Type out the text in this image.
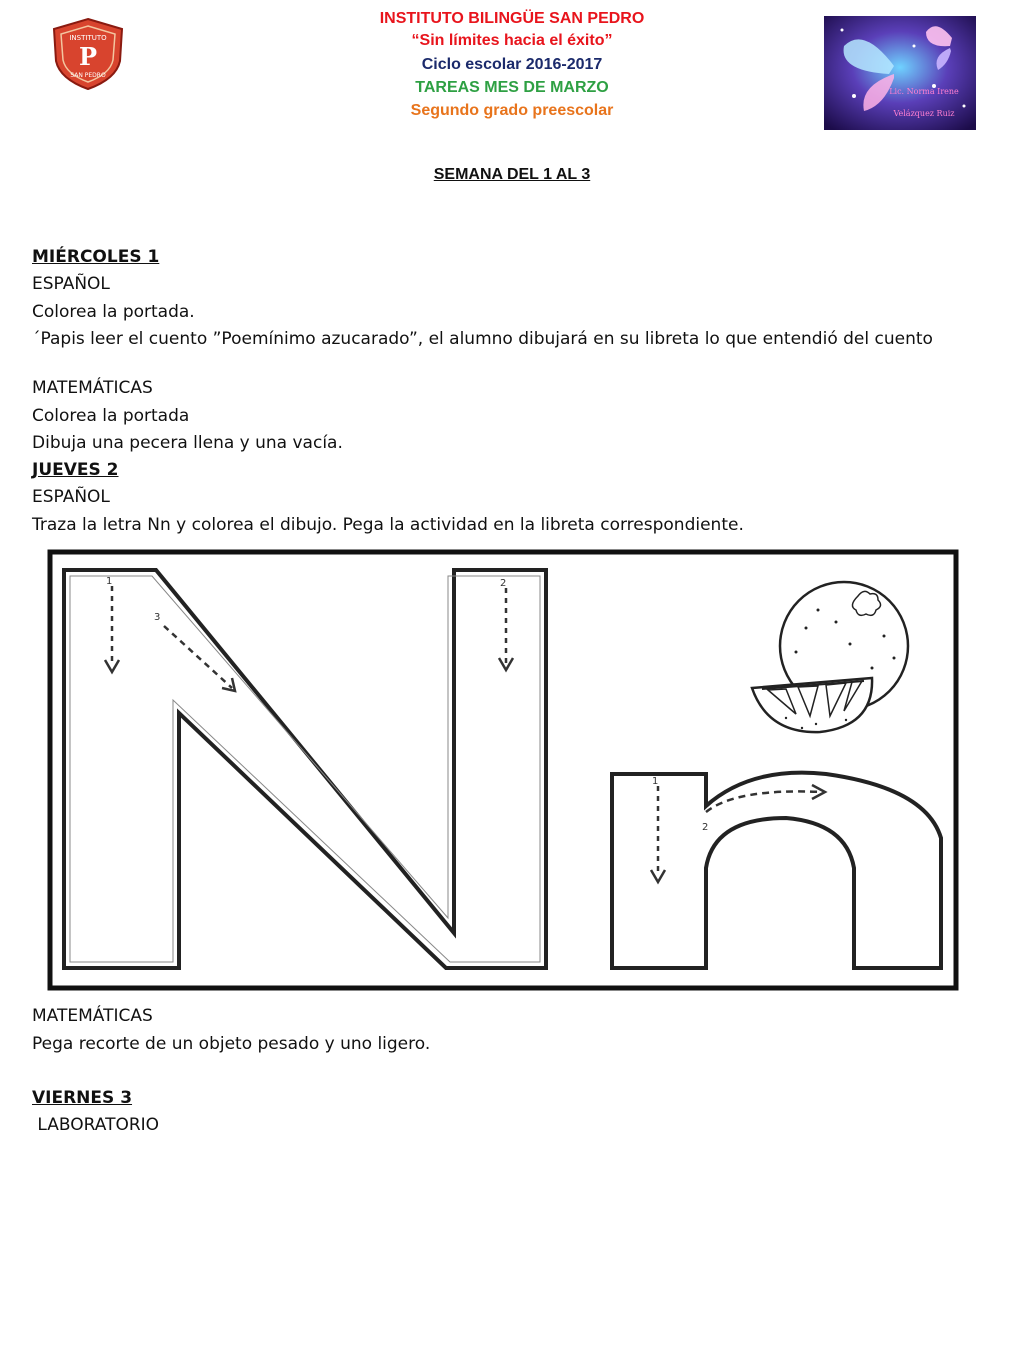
INSTITUTO
P
SAN PEDRO

INSTITUTO BILINGÜE SAN PEDRO

“Sin límites hacia el éxito”

Ciclo escolar 2016-2017

TAREAS MES DE MARZO

Segundo grado preescolar

Lic. Norma Irene
Velázquez Ruiz

SEMANA DEL 1 AL 3

MIÉRCOLES 1

ESPAÑOL

Colorea la portada.

´Papis leer el cuento ”Poemínimo azucarado”, el alumno dibujará en su libreta lo que entendió del cuento

MATEMÁTICAS

Colorea la portada

Dibuja una pecera llena y una vacía.

JUEVES 2

ESPAÑOL

Traza la letra Nn y colorea el dibujo. Pega la actividad en la libreta correspondiente.

1	2
3
1
2

MATEMÁTICAS

Pega recorte de un objeto pesado y uno ligero.

VIERNES 3

LABORATORIO
